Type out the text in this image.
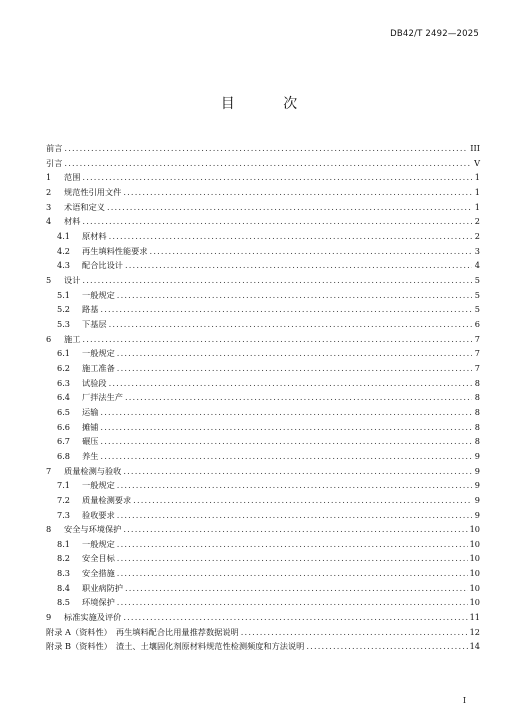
DB42/T 2492—2025
目 次
前言 .....	III
引言 .....	V
1	范围 .....	1
2	规范性引用文件 .....	1
3	术语和定义 .....	1
4	材料 .....	2
4.1	原材料 .....	2
4.2	再生填料性能要求 .....	3
4.3	配合比设计 .....	4
5	设计 .....	5
5.1	一般规定 .....	5
5.2	路基 .....	5
5.3	下基层 .....	6
6	施工 .....	7
6.1	一般规定 .....	7
6.2	施工准备 .....	7
6.3	试验段 .....	8
6.4	厂拌法生产 .....	8
6.5	运输 .....	8
6.6	摊铺 .....	8
6.7	碾压 .....	8
6.8	养生 .....	9
7	质量检测与验收 .....	9
7.1	一般规定 .....	9
7.2	质量检测要求 .....	9
7.3	验收要求 .....	9
8	安全与环境保护 .....	10
8.1	一般规定 .....	10
8.2	安全目标 .....	10
8.3	安全措施 .....	10
8.4	职业病防护 .....	10
8.5	环境保护 .....	10
9	标准实施及评价 .....	11
附录 A（资料性）　再生填料配合比用量推荐数据说明 .....	12
附录 B（资料性）　渣土、土壤固化剂原材料规范性检测频度和方法说明 .....	14
I
